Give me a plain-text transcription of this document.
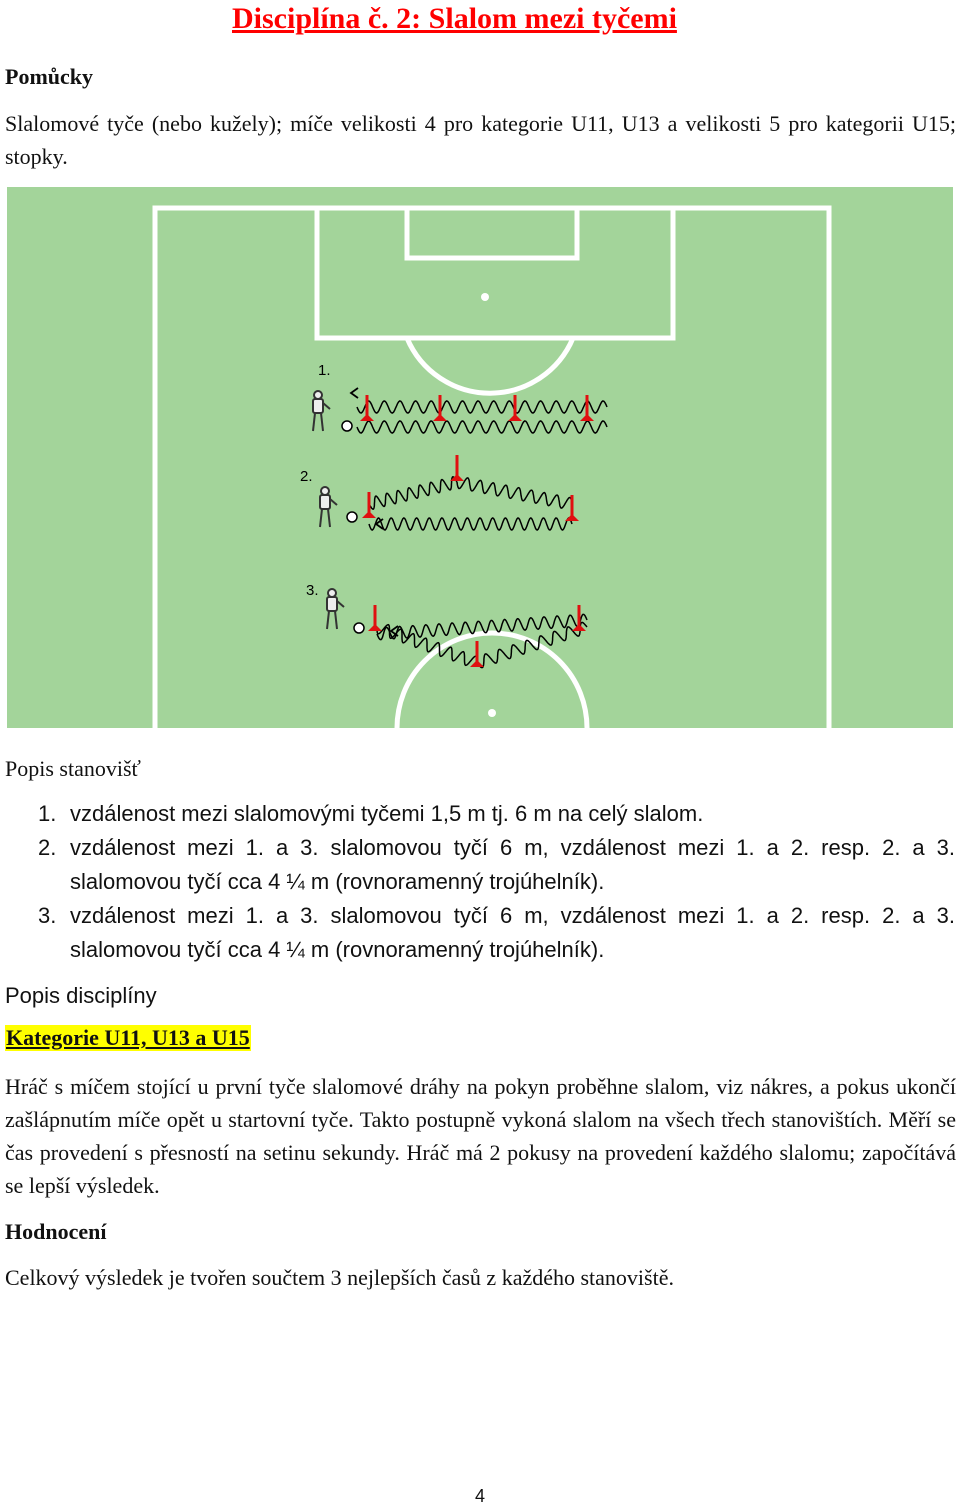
Disciplína č. 2: Slalom mezi tyčemi
Pomůcky
Slalomové tyče (nebo kužely); míče velikosti 4 pro kategorie U11, U13 a velikosti 5 pro kategorii U15; stopky.
1.
2.
3.
Popis stanovišť
1. vzdálenost mezi slalomovými tyčemi 1,5 m tj. 6 m na celý slalom.
2. vzdálenost mezi 1. a 3. slalomovou tyčí 6 m, vzdálenost mezi 1. a 2. resp. 2. a 3. slalomovou tyčí cca 4 ¼ m (rovnoramenný trojúhelník).
3. vzdálenost mezi 1. a 3. slalomovou tyčí 6 m, vzdálenost mezi 1. a 2. resp. 2. a 3. slalomovou tyčí cca 4 ¼ m (rovnoramenný trojúhelník).
Popis disciplíny
Kategorie U11, U13 a U15
Hráč s míčem stojící u první tyče slalomové dráhy na pokyn proběhne slalom, viz nákres, a pokus ukončí zašlápnutím míče opět u startovní tyče. Takto postupně vykoná slalom na všech třech stanovištích. Měří se čas provedení s přesností na setinu sekundy. Hráč má 2 pokusy na provedení každého slalomu; započítává se lepší výsledek.
Hodnocení
Celkový výsledek je tvořen součtem 3 nejlepších časů z každého stanoviště.
4
